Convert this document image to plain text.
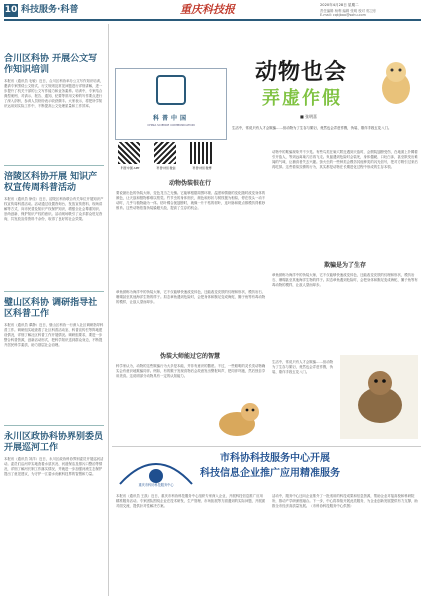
10 科技服务·科普	重庆科技报	2020年4月28日 星期二
责任编辑 杨利 编辑 张明 校对 郭卫东
E-mail: cqkjbao@sohu.com
合川区科协 开展公文写作知识培训
本报讯（通讯员 毛敏）近日，合川区科协举办公文写作知识培训，邀请专家围绕公文格式、行文规则及常见问题进行详细讲解，进一步提升了机关干部的公文写作能力和业务素养。培训中，专家结合典型案例，对请示、报告、通知、纪要等常用文种的写作要点进行了深入剖析，参训人员纷纷表示收获颇丰。大家表示，将把所学知识运用到实际工作中，不断提高公文处理质量和工作效率。
涪陵区科协开展 知识产权宣传周科普活动
本报讯（通讯员 徐佳）近日，涪陵区科协联合有关单位开展知识产权宣传周科普活动。活动通过设置咨询台、发放宣传资料、现场讲解等方式，向市民普及知识产权保护知识，增强全社会尊重知识、崇尚创新、保护知识产权的意识。活动现场吸引了众多群众驻足咨询，共发放宣传资料千余份，取得了良好的社会效果。
璧山区科协 调研指导社区科普工作
本报讯（通讯员 谭静）近日，璧山区科协一行深入社区调研指导科普工作。调研组实地查看了社区科普活动室、科普宣传栏等阵地建设情况，详细了解社区科普工作开展情况。调研组要求，要进一步整合科普资源，创新活动形式，把科学知识送到群众身边，不断提升居民科学素质，助力基层社会治理。
永川区政协科协界别委员 开展巡河工作
本报讯（通讯员 刘洋）近日，永川区政协科协界别委员开展巡河活动。委员们沿河岸实地查看水质状况、河道保洁及排污口整治等情况，详细了解河长制工作落实情况，并就进一步加强河流生态保护提出了意见建议，为守护一江碧水贡献科技界的智慧和力量。
科普中国
CHINA SCIENCE COMMUNICATION
科普中国 APP	科普中国 微信	科普中国 微博
动物也会
弄虚作假
■ 张明喜
生活中，常说只有人才会欺骗……但动物为了生存与繁衍，竟然也会弄虚作假，伪装、欺诈手段五花八门。
动物伪装很在行
要说最出色的伪装大师，变色龙当之无愧。它能够根据周围环境、温度和情绪的变化随时改变身体的颜色，让天敌和猎物都难以察觉。竹节虫的身体细长，颜色和形状与树枝极为相似，停在枝头一动不动时，几乎与植物融为一体。枯叶蝶合拢翅膀时，就像一片干枯的树叶，连叶脉和斑点都模仿得惟妙惟肖。这些动物依靠伪装躲避天敌，提高了生存的机会。
章鱼被称为海洋中的伪装大师，它不仅能够快速改变体色，还能改变皮肤的纹理和形状，模仿岩石、珊瑚甚至其他海洋生物的样子。拟态章鱼遇到危险时，会把身体和腕足变成海蛇、狮子鱼等有毒动物的模样，让敌人望而却步。
伪装大师能过它的智慧
科学家认为，动物的这些欺骗行为大多是本能，并非有意识的撒谎。不过，一些聪明的灵长类动物确实会有意识地欺骗同伴。例如，有的猴子发现食物后会故意发出警报叫声，把同伴吓跑，然后独自享用美食。这说明部分动物具有一定的认知能力。
动物中的欺骗现象并不少见。有些鸟类在巢穴附近遇到天敌时，会假装翅膀受伤，在地面上扑腾着引开敌人，等到远离巢穴后再飞走。负鼠遇到危险时会装死，身体僵硬、口吐白沫，甚至散发出难闻的气味，让捕食者失去兴趣。萤火虫的一些种类会模仿其他种类的闪光信号，把对方吸引过来后再吃掉。这些看似狡猾的行为，其实都是动物在长期进化过程中形成的生存本领。
欺骗是为了生存
章鱼被称为海洋中的伪装大师，它不仅能够快速改变体色，还能改变皮肤的纹理和形状，模仿岩石、珊瑚甚至其他海洋生物的样子。拟态章鱼遇到危险时，会把身体和腕足变成海蛇、狮子鱼等有毒动物的模样，让敌人望而却步。
生活中，常说只有人才会欺骗……但动物为了生存与繁衍，竟然也会弄虚作假，伪装、欺诈手段五花八门。
重庆市科协科技服务中心
市科协科技服务中心开展
科技信息企业推广应用精准服务
本报讯（通讯员 王凯）近日，重庆市科协科技服务中心组织专家深入企业，开展科技信息推广应用精准服务活动。专家团队围绕企业在技术研发、生产管理、市场拓展等方面遇到的实际问题，开展面对面交流，提供针对性解决方案。
活动中，服务中心还向企业推介了一批适用的科技成果和信息资源，帮助企业对接高校和科研院所，推动产学研深度融合。下一步，中心将持续开展此类服务，为企业创新发展提供有力支撑，助推全市经济高质量发展。（市科协科技服务中心供图）
